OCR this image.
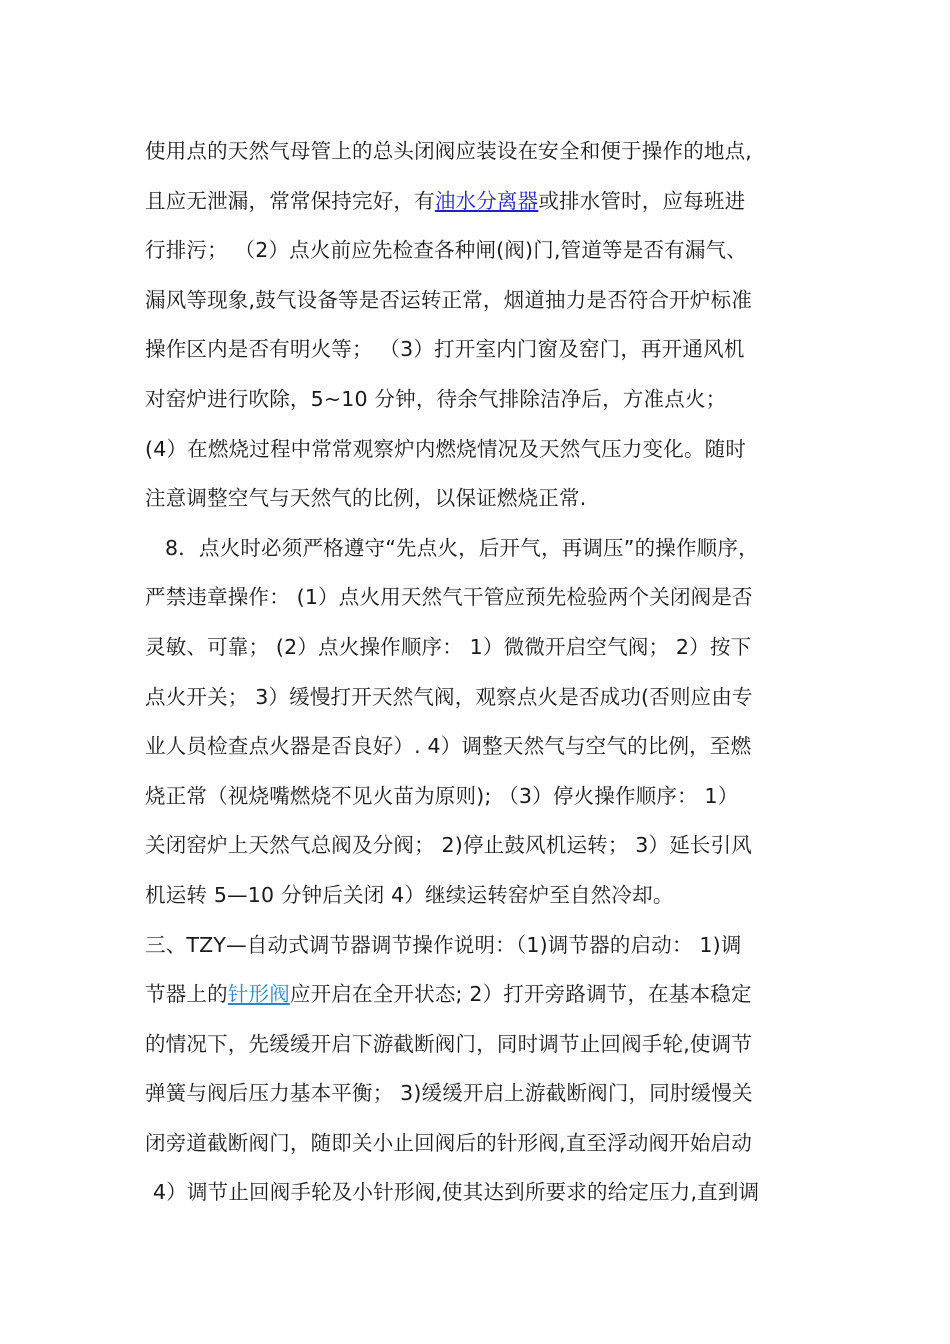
使用点的天然气母管上的总头闭阀应装设在安全和便于操作的地点,
且应无泄漏，常常保持完好，有油水分离器或排水管时，应每班进
行排污； （2）点火前应先检查各种闸(阀)门,管道等是否有漏气、
漏风等现象,鼓气设备等是否运转正常，烟道抽力是否符合开炉标准
操作区内是否有明火等； （3）打开室内门窗及窑门，再开通风机
对窑炉进行吹除，5~10 分钟，待余气排除洁净后，方准点火；
(4）在燃烧过程中常常观察炉内燃烧情况及天然气压力变化。随时
注意调整空气与天然气的比例，以保证燃烧正常.
8．点火时必须严格遵守“先点火，后开气，再调压”的操作顺序，
严禁违章操作： (1）点火用天然气干管应预先检验两个关闭阀是否
灵敏、可靠； (2）点火操作顺序： 1）微微开启空气阀； 2）按下
点火开关； 3）缓慢打开天然气阀，观察点火是否成功(否则应由专
业人员检查点火器是否良好）. 4）调整天然气与空气的比例，至燃
烧正常（视烧嘴燃烧不见火苗为原则); （3）停火操作顺序： 1）
关闭窑炉上天然气总阀及分阀； 2)停止鼓风机运转； 3）延长引风
机运转 5—10 分钟后关闭 4）继续运转窑炉至自然冷却。
三、TZY—自动式调节器调节操作说明：（1)调节器的启动： 1)调
节器上的针形阀应开启在全开状态; 2）打开旁路调节，在基本稳定
的情况下，先缓缓开启下游截断阀门，同时调节止回阀手轮,使调节
弹簧与阀后压力基本平衡； 3)缓缓开启上游截断阀门，同肘缓慢关
闭旁道截断阀门，随即关小止回阀后的针形阀,直至浮动阀开始启动
4）调节止回阀手轮及小针形阀,使其达到所要求的给定压力,直到调
